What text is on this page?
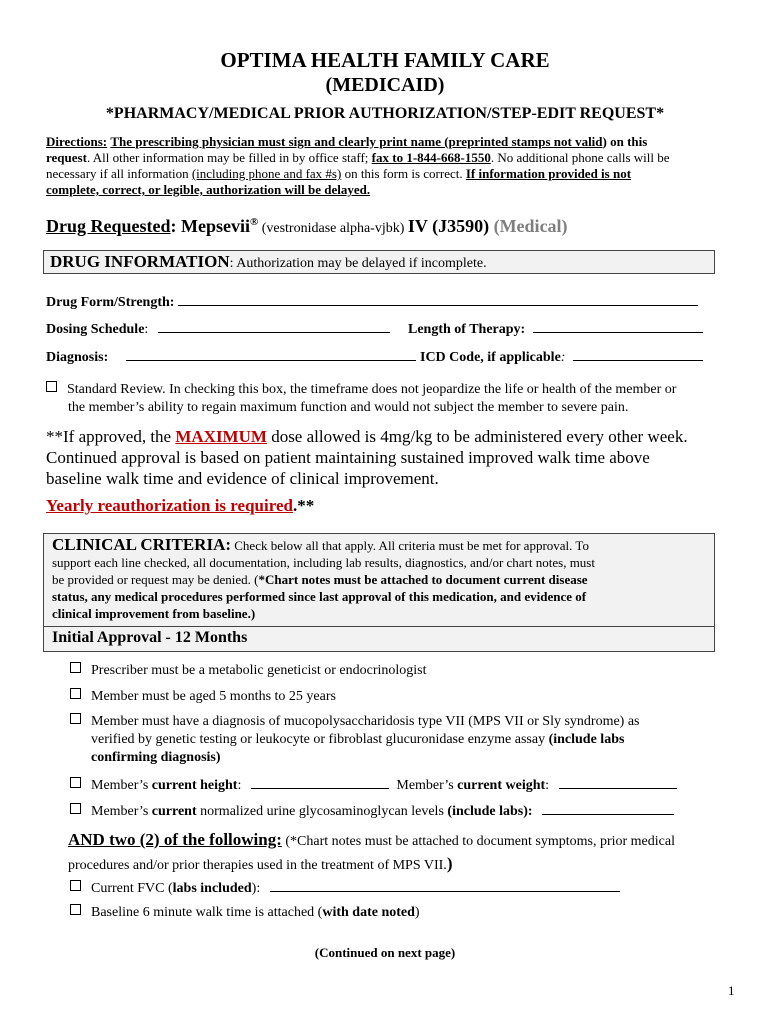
OPTIMA HEALTH FAMILY CARE
(MEDICAID)
*PHARMACY/MEDICAL PRIOR AUTHORIZATION/STEP-EDIT REQUEST*
Directions: The prescribing physician must sign and clearly print name (preprinted stamps not valid) on this
request. All other information may be filled in by office staff; fax to 1-844-668-1550. No additional phone calls will be
necessary if all information (including phone and fax #s) on this form is correct. If information provided is not
complete, correct, or legible, authorization will be delayed.
Drug Requested: Mepsevii® (vestronidase alpha-vjbk) IV (J3590) (Medical)
DRUG INFORMATION: Authorization may be delayed if incomplete.
Drug Form/Strength:
Dosing Schedule:	Length of Therapy:
Diagnosis:	ICD Code, if applicable:
Standard Review. In checking this box, the timeframe does not jeopardize the life or health of the member or
the member’s ability to regain maximum function and would not subject the member to severe pain.
**If approved, the MAXIMUM dose allowed is 4mg/kg to be administered every other week.
Continued approval is based on patient maintaining sustained improved walk time above
baseline walk time and evidence of clinical improvement.
Yearly reauthorization is required.**
CLINICAL CRITERIA: Check below all that apply. All criteria must be met for approval. To
support each line checked, all documentation, including lab results, diagnostics, and/or chart notes, must
be provided or request may be denied. (*Chart notes must be attached to document current disease
status, any medical procedures performed since last approval of this medication, and evidence of
clinical improvement from baseline.)
Initial Approval - 12 Months
Prescriber must be a metabolic geneticist or endocrinologist
Member must be aged 5 months to 25 years
Member must have a diagnosis of mucopolysaccharidosis type VII (MPS VII or Sly syndrome) as
verified by genetic testing or leukocyte or fibroblast glucuronidase enzyme assay (include labs
confirming diagnosis)
Member’s current height:	Member’s current weight:
Member’s current normalized urine glycosaminoglycan levels (include labs):
AND two (2) of the following: (*Chart notes must be attached to document symptoms, prior medical
procedures and/or prior therapies used in the treatment of MPS VII.)
Current FVC (labs included):
Baseline 6 minute walk time is attached (with date noted)
(Continued on next page)
1
